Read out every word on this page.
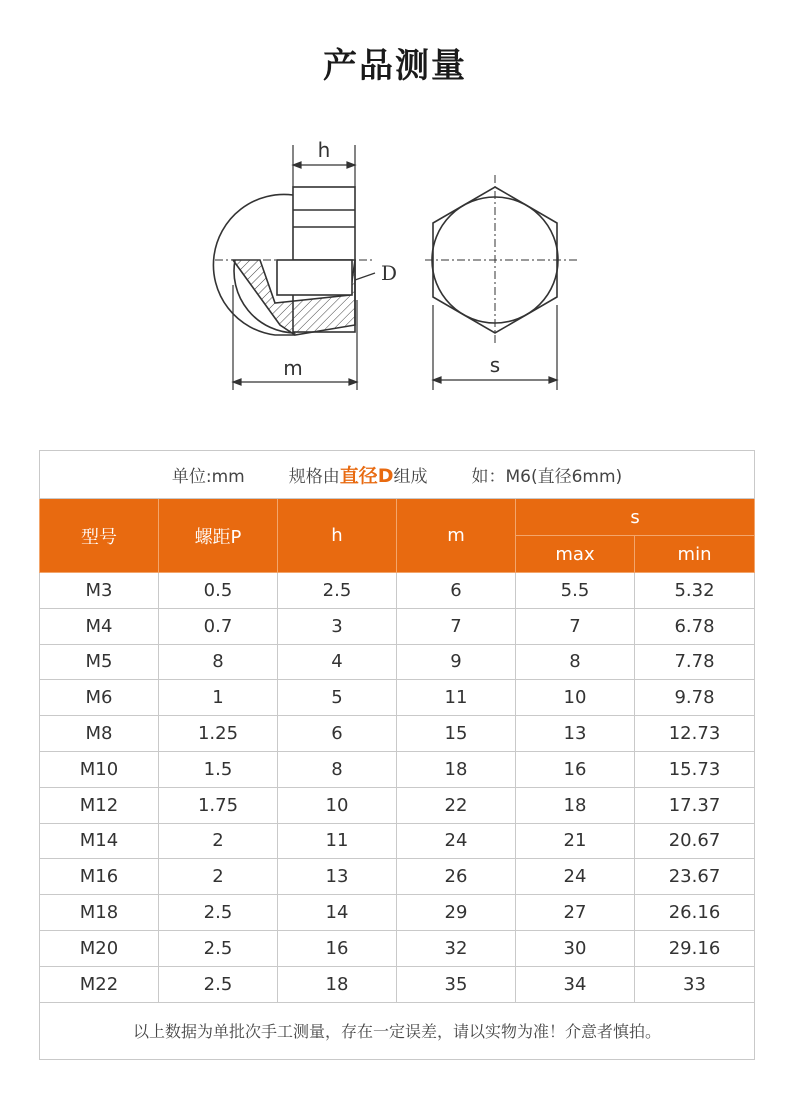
产品测量
h
D
m	s
单位:mm 规格由直径D组成 如：M6(直径6mm)					
型号	螺距P	h	m	s	
				max	min
M3	0.5	2.5	6	5.5	5.32
M4	0.7	3	7	7	6.78
M5	8	4	9	8	7.78
M6	1	5	11	10	9.78
M8	1.25	6	15	13	12.73
M10	1.5	8	18	16	15.73
M12	1.75	10	22	18	17.37
M14	2	11	24	21	20.67
M16	2	13	26	24	23.67
M18	2.5	14	29	27	26.16
M20	2.5	16	32	30	29.16
M22	2.5	18	35	34	33
以上数据为单批次手工测量，存在一定误差，请以实物为准！介意者慎拍。					
